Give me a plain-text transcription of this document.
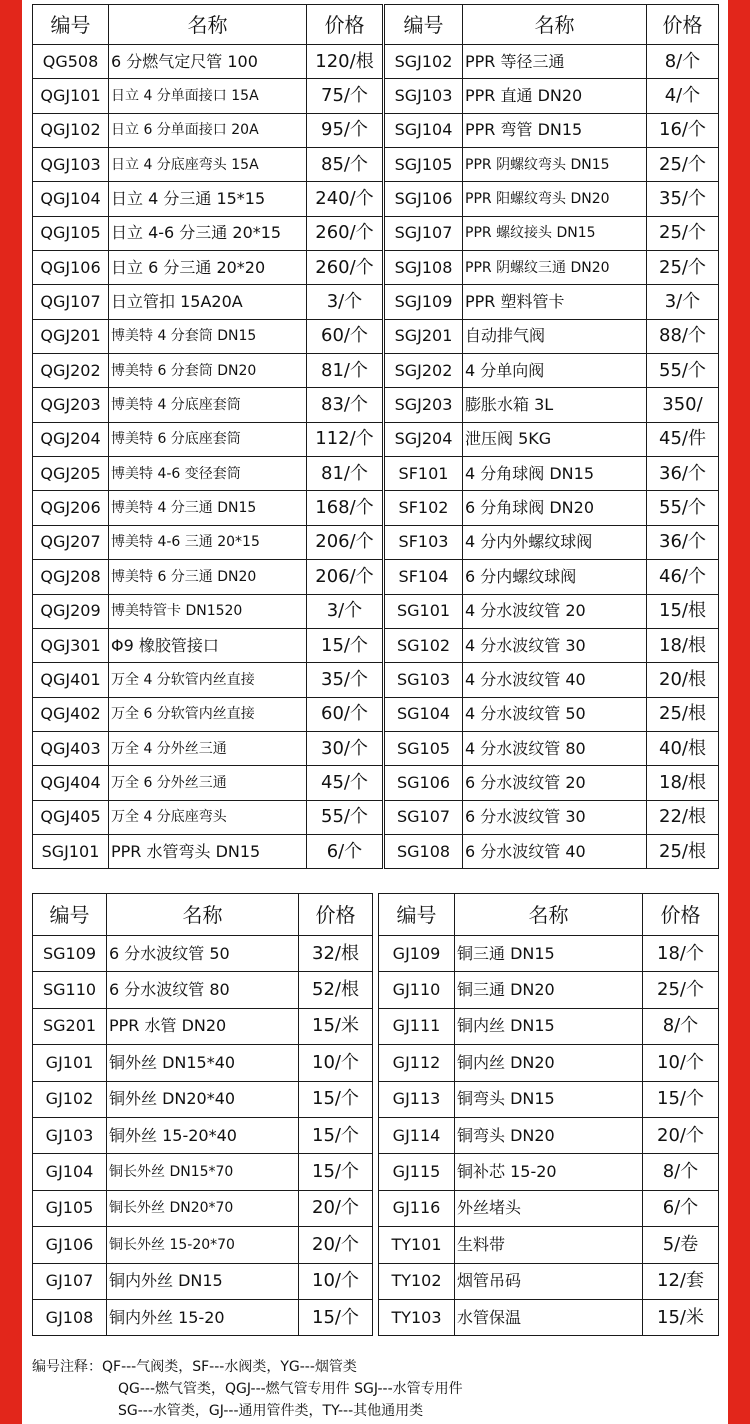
编号	名称	价格
QG508	6 分燃气定尺管 100	120/根
QGJ101	日立 4 分单面接口 15A	75/个
QGJ102	日立 6 分单面接口 20A	95/个
QGJ103	日立 4 分底座弯头 15A	85/个
QGJ104	日立 4 分三通 15*15	240/个
QGJ105	日立 4-6 分三通 20*15	260/个
QGJ106	日立 6 分三通 20*20	260/个
QGJ107	日立管扣 15A20A	3/个
QGJ201	博美特 4 分套筒 DN15	60/个
QGJ202	博美特 6 分套筒 DN20	81/个
QGJ203	博美特 4 分底座套筒	83/个
QGJ204	博美特 6 分底座套筒	112/个
QGJ205	博美特 4-6 变径套筒	81/个
QGJ206	博美特 4 分三通 DN15	168/个
QGJ207	博美特 4-6 三通 20*15	206/个
QGJ208	博美特 6 分三通 DN20	206/个
QGJ209	博美特管卡 DN1520	3/个
QGJ301	Φ9 橡胶管接口	15/个
QGJ401	万全 4 分软管内丝直接	35/个
QGJ402	万全 6 分软管内丝直接	60/个
QGJ403	万全 4 分外丝三通	30/个
QGJ404	万全 6 分外丝三通	45/个
QGJ405	万全 4 分底座弯头	55/个
SGJ101	PPR 水管弯头 DN15	6/个
编号	名称	价格
SGJ102	PPR 等径三通	8/个
SGJ103	PPR 直通 DN20	4/个
SGJ104	PPR 弯管 DN15	16/个
SGJ105	PPR 阴螺纹弯头 DN15	25/个
SGJ106	PPR 阳螺纹弯头 DN20	35/个
SGJ107	PPR 螺纹接头 DN15	25/个
SGJ108	PPR 阴螺纹三通 DN20	25/个
SGJ109	PPR 塑料管卡	3/个
SGJ201	自动排气阀	88/个
SGJ202	4 分单向阀	55/个
SGJ203	膨胀水箱 3L	350/
SGJ204	泄压阀 5KG	45/件
SF101	4 分角球阀 DN15	36/个
SF102	6 分角球阀 DN20	55/个
SF103	4 分内外螺纹球阀	36/个
SF104	6 分内螺纹球阀	46/个
SG101	4 分水波纹管 20	15/根
SG102	4 分水波纹管 30	18/根
SG103	4 分水波纹管 40	20/根
SG104	4 分水波纹管 50	25/根
SG105	4 分水波纹管 80	40/根
SG106	6 分水波纹管 20	18/根
SG107	6 分水波纹管 30	22/根
SG108	6 分水波纹管 40	25/根
编号	名称	价格
SG109	6 分水波纹管 50	32/根
SG110	6 分水波纹管 80	52/根
SG201	PPR 水管 DN20	15/米
GJ101	铜外丝 DN15*40	10/个
GJ102	铜外丝 DN20*40	15/个
GJ103	铜外丝 15-20*40	15/个
GJ104	铜长外丝 DN15*70	15/个
GJ105	铜长外丝 DN20*70	20/个
GJ106	铜长外丝 15-20*70	20/个
GJ107	铜内外丝 DN15	10/个
GJ108	铜内外丝 15-20	15/个
编号	名称	价格
GJ109	铜三通 DN15	18/个
GJ110	铜三通 DN20	25/个
GJ111	铜内丝 DN15	8/个
GJ112	铜内丝 DN20	10/个
GJ113	铜弯头 DN15	15/个
GJ114	铜弯头 DN20	20/个
GJ115	铜补芯 15-20	8/个
GJ116	外丝堵头	6/个
TY101	生料带	5/卷
TY102	烟管吊码	12/套
TY103	水管保温	15/米
编号注释：QF---气阀类，SF---水阀类，YG---烟管类
QG---燃气管类，QGJ---燃气管专用件 SGJ---水管专用件
SG---水管类，GJ---通用管件类，TY---其他通用类
